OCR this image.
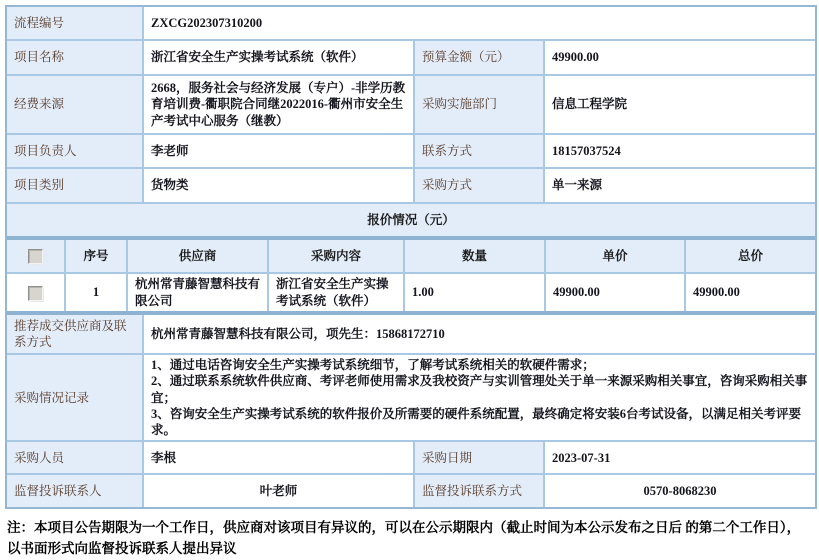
流程编号	ZXCG202307310200		
项目名称	浙江省安全生产实操考试系统（软件）	预算金额（元）	49900.00
经费来源	2668，服务社会与经济发展（专户）-非学历教育培训费-衢职院合同继2022016-衢州市安全生产考试中心服务（继教）	采购实施部门	信息工程学院
项目负责人	李老师	联系方式	18157037524
项目类别	货物类	采购方式	单一来源
报价情况（元）			
	序号	供应商	采购内容	数量	单价	总价
	1	杭州常青藤智慧科技有限公司	浙江省安全生产实操考试系统（软件）	1.00	49900.00	49900.00
推荐成交供应商及联系方式	杭州常青藤智慧科技有限公司，项先生：15868172710		
采购情况记录	1、通过电话咨询安全生产实操考试系统细节，了解考试系统相关的软硬件需求；
2、通过联系系统软件供应商、考评老师使用需求及我校资产与实训管理处关于单一来源采购相关事宜，咨询采购相关事宜；
3、咨询安全生产实操考试系统的软件报价及所需要的硬件系统配置，最终确定将安装6台考试设备，以满足相关考评要求。		

采购人员	李根	采购日期	2023-07-31
监督投诉联系人	叶老师	监督投诉联系方式	0570-8068230
注：本项目公告期限为一个工作日，供应商对该项目有异议的，可以在公示期限内（截止时间为本公示发布之日后 的第二个工作日），以书面形式向监督投诉联系人提出异议
